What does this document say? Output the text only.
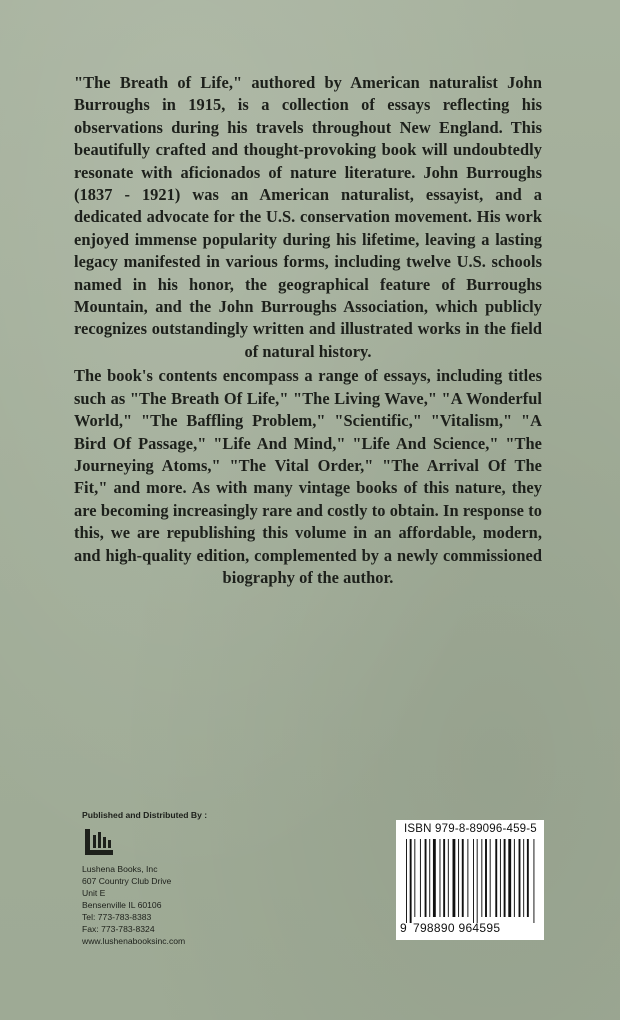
"The Breath of Life," authored by American naturalist John Burroughs in 1915, is a collection of essays reflecting his observations during his travels throughout New England. This beautifully crafted and thought-provoking book will undoubtedly resonate with aficionados of nature literature. John Burroughs (1837 - 1921) was an American naturalist, essayist, and a dedicated advocate for the U.S. conservation movement. His work enjoyed immense popularity during his lifetime, leaving a lasting legacy manifested in various forms, including twelve U.S. schools named in his honor, the geographical feature of Burroughs Mountain, and the John Burroughs Association, which publicly recognizes outstandingly written and illustrated works in the field of natural history.

The book's contents encompass a range of essays, including titles such as "The Breath Of Life," "The Living Wave," "A Wonderful World," "The Baffling Problem," "Scientific," "Vitalism," "A Bird Of Passage," "Life And Mind," "Life And Science," "The Journeying Atoms," "The Vital Order," "The Arrival Of The Fit," and more. As with many vintage books of this nature, they are becoming increasingly rare and costly to obtain. In response to this, we are republishing this volume in an affordable, modern, and high-quality edition, complemented by a newly commissioned biography of the author.

Published and Distributed By :
Lushena Books, Inc
607 Country Club Drive
Unit E
Bensenville IL 60106
Tel: 773-783-8383
Fax: 773-783-8324
www.lushenabooksinc.com
ISBN 979-8-89096-459-5
9 798890 964595
